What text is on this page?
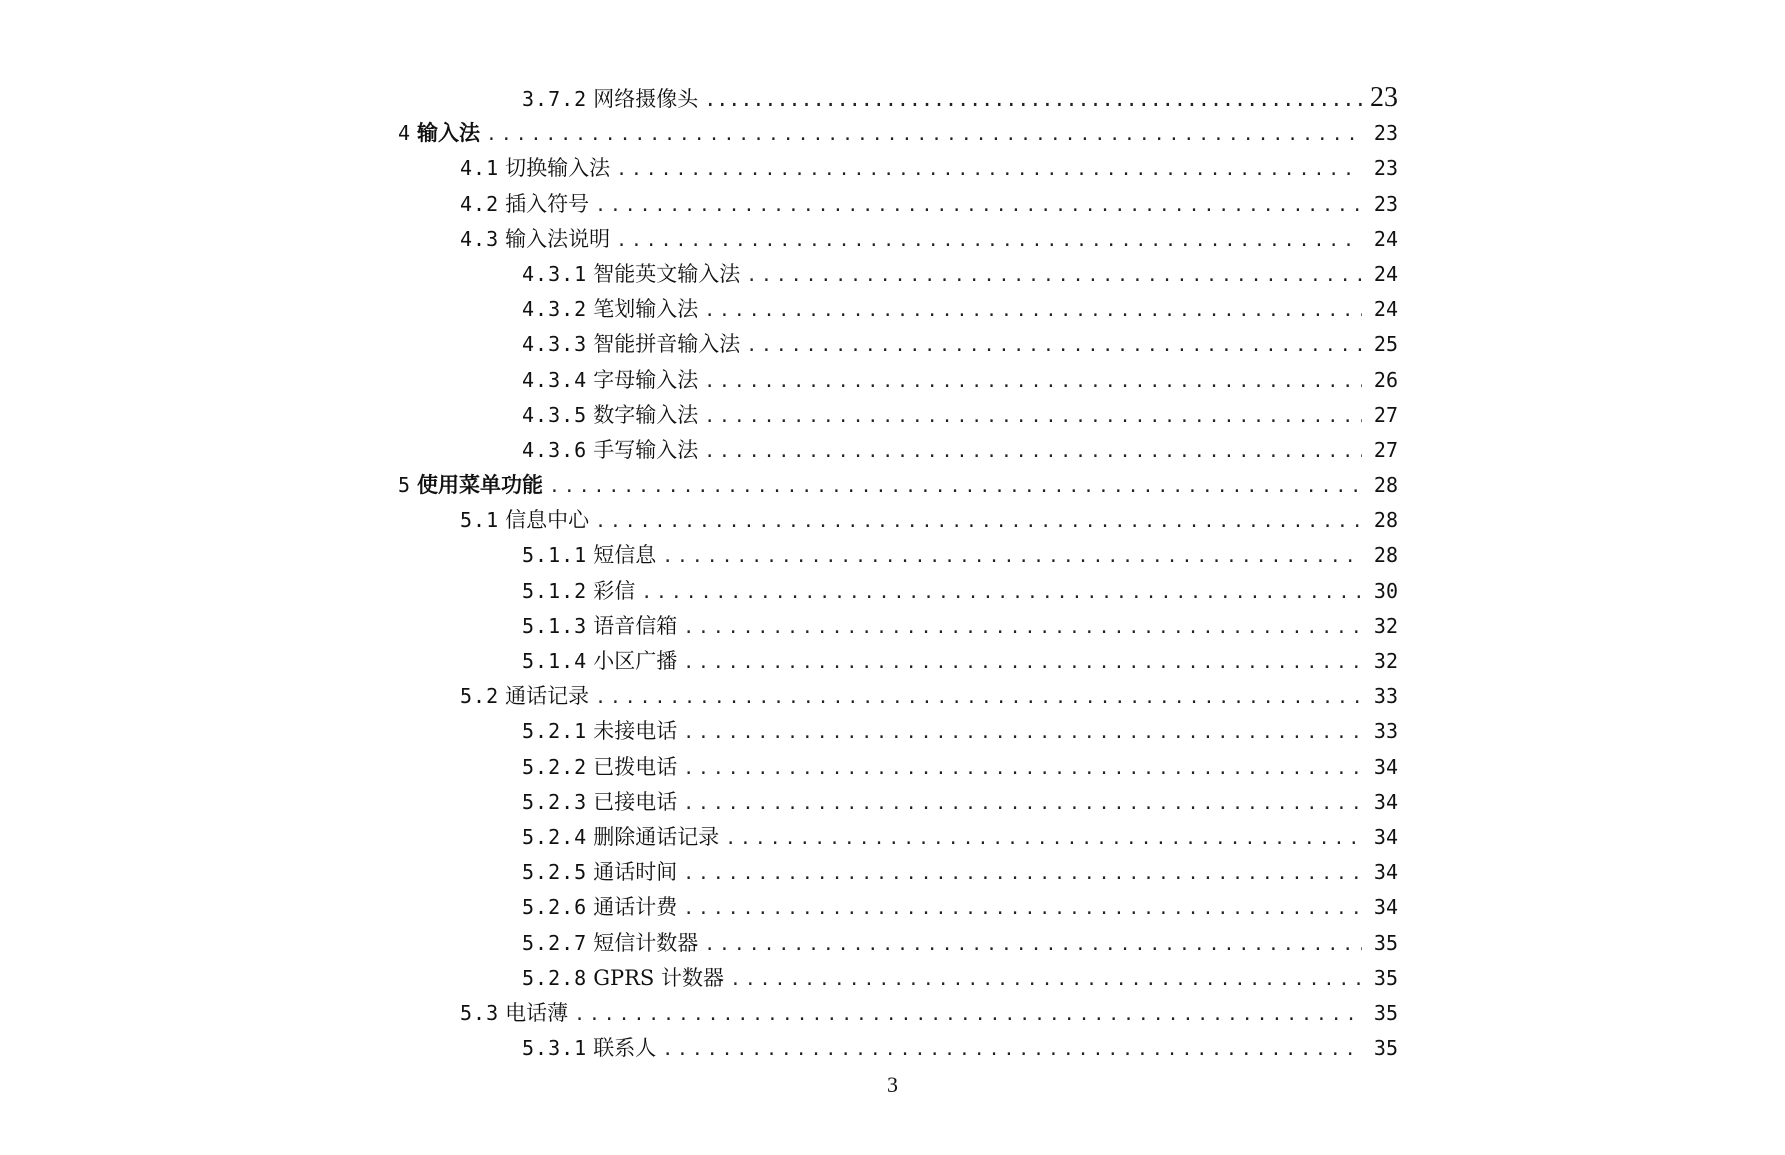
3.7.2 网络摄像头 .....	23
4 输入法 .....	23
4.1 切换输入法 .....	23
4.2 插入符号 .....	23
4.3 输入法说明 .....	24
4.3.1 智能英文输入法 .....	24
4.3.2 笔划输入法 .....	24
4.3.3 智能拼音输入法 .....	25
4.3.4 字母输入法 .....	26
4.3.5 数字输入法 .....	27
4.3.6 手写输入法 .....	27
5 使用菜单功能 .....	28
5.1 信息中心 .....	28
5.1.1 短信息 .....	28
5.1.2 彩信 .....	30
5.1.3 语音信箱 .....	32
5.1.4 小区广播 .....	32
5.2 通话记录 .....	33
5.2.1 未接电话 .....	33
5.2.2 已拨电话 .....	34
5.2.3 已接电话 .....	34
5.2.4 删除通话记录 .....	34
5.2.5 通话时间 .....	34
5.2.6 通话计费 .....	34
5.2.7 短信计数器 .....	35
5.2.8 GPRS 计数器 .....	35
5.3 电话薄 .....	35
5.3.1 联系人 .....	35
3
